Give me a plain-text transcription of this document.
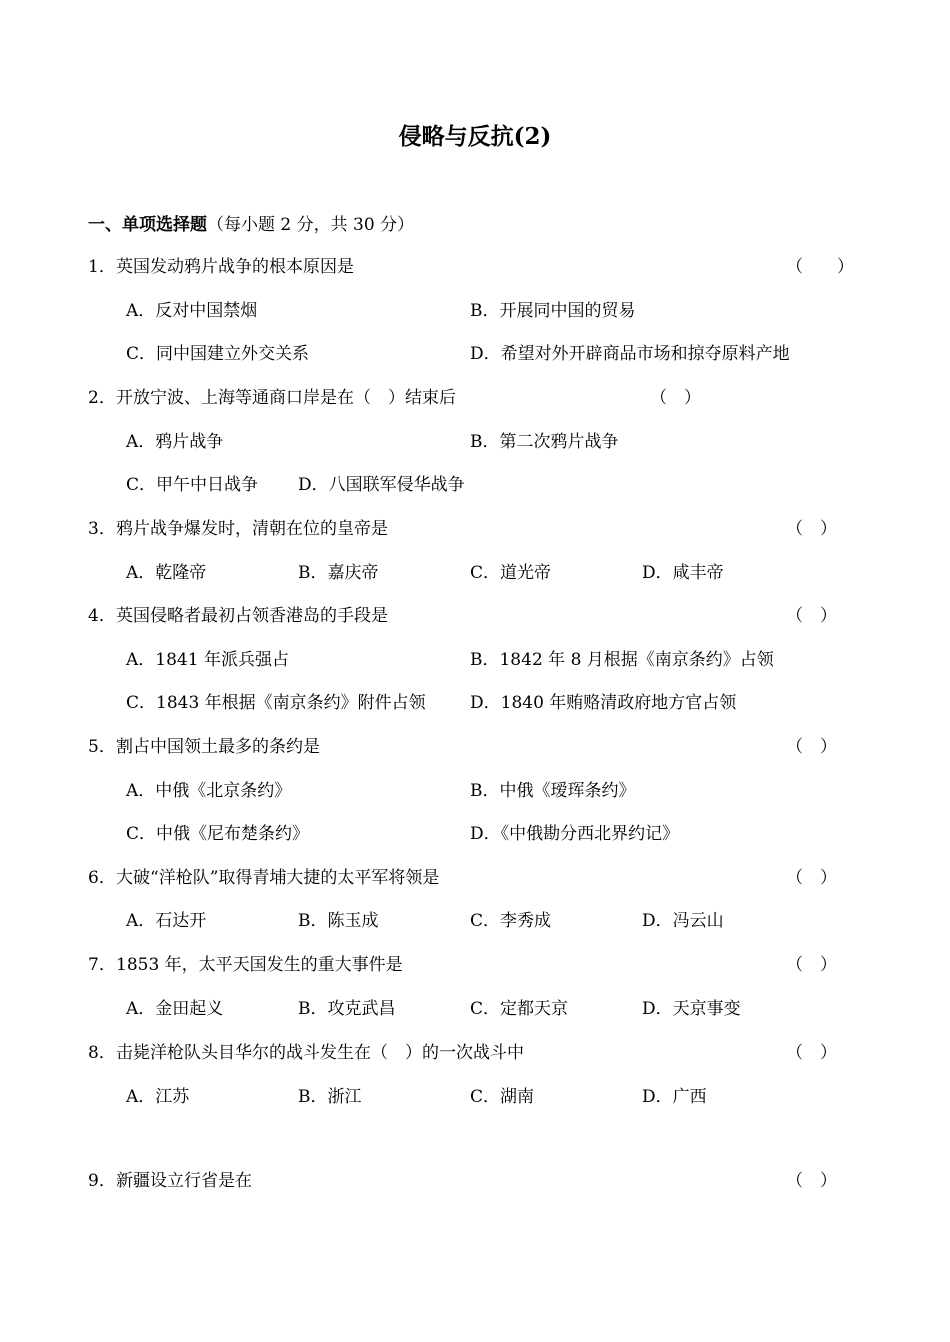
侵略与反抗(2)
一、单项选择题（每小题 2 分，共 30 分）
1．英国发动鸦片战争的根本原因是	（　　）
A．反对中国禁烟	B．开展同中国的贸易
C．同中国建立外交关系	D．希望对外开辟商品市场和掠夺原料产地
2．开放宁波、上海等通商口岸是在（　）结束后	（　）
A．鸦片战争	B．第二次鸦片战争
C．甲午中日战争 D．八国联军侵华战争
3．鸦片战争爆发时，清朝在位的皇帝是	（　）
A．乾隆帝	B．嘉庆帝	C．道光帝	D．咸丰帝
4．英国侵略者最初占领香港岛的手段是	（　）
A．1841 年派兵强占	B．1842 年 8 月根据《南京条约》占领
C．1843 年根据《南京条约》附件占领	D．1840 年贿赂清政府地方官占领
5．割占中国领土最多的条约是	（　）
A．中俄《北京条约》	B．中俄《瑷珲条约》
C．中俄《尼布楚条约》	D．《中俄勘分西北界约记》
6．大破“洋枪队”取得青埔大捷的太平军将领是	（　）
A．石达开	B．陈玉成	C．李秀成	D．冯云山
7．1853 年，太平天国发生的重大事件是	（　）
A．金田起义	B．攻克武昌	C．定都天京	D．天京事变
8．击毙洋枪队头目华尔的战斗发生在（　）的一次战斗中	（　）
A．江苏	B．浙江	C．湖南	D．广西
9．新疆设立行省是在	（　）
